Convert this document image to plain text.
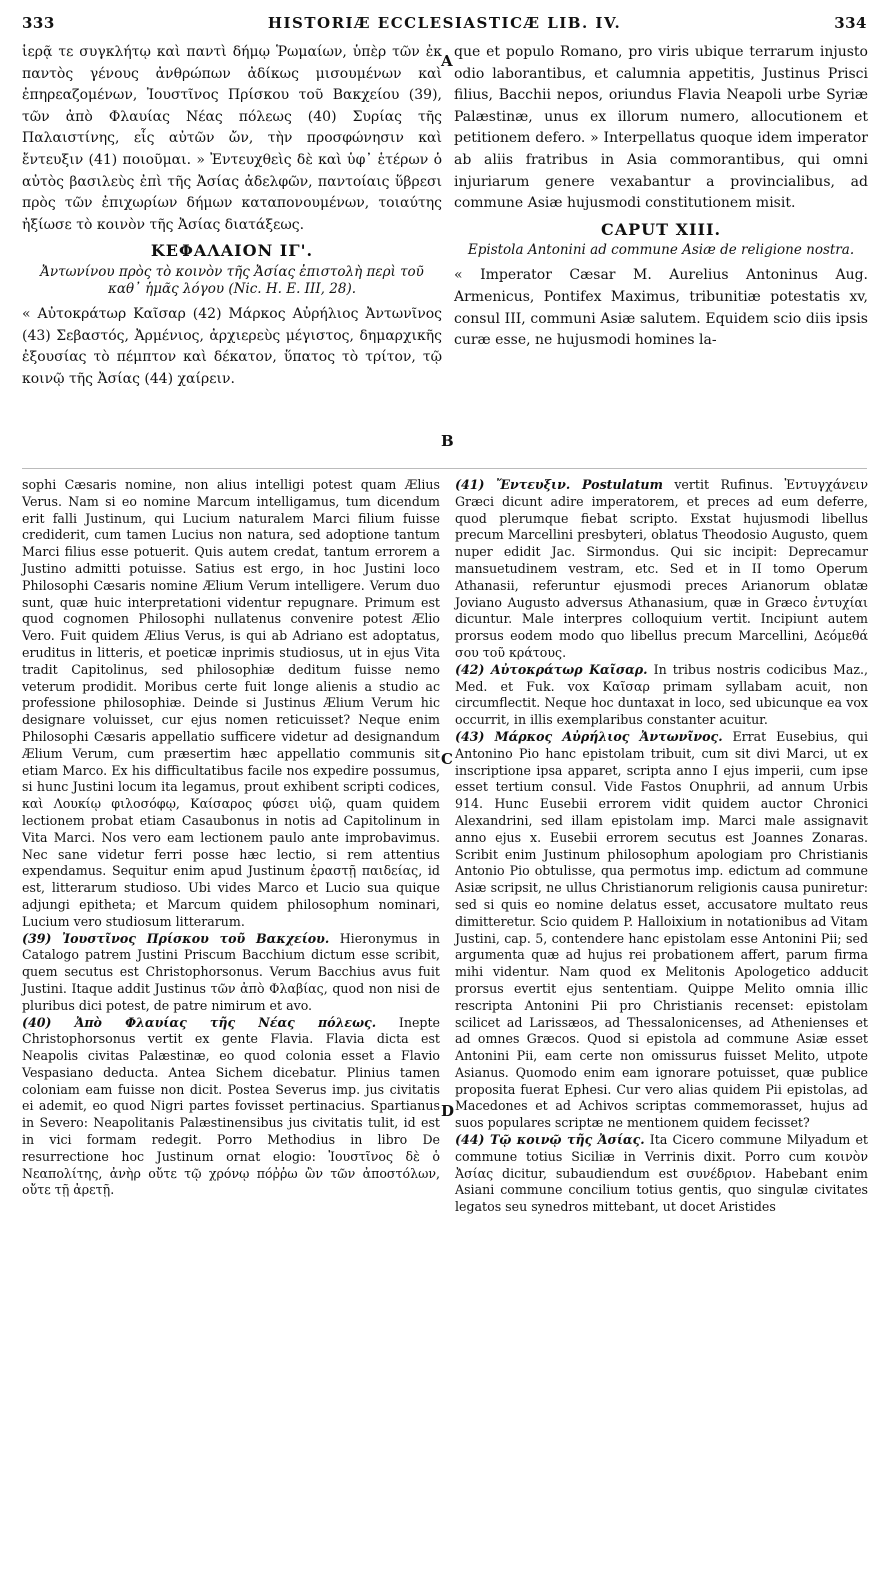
333	HISTORIÆ ECCLESIASTICÆ LIB. IV.	334

ἱερᾷ τε συγκλήτῳ καὶ παντὶ δήμῳ Ῥωμαίων, ὑπὲρ τῶν ἐκ παντὸς γένους ἀνθρώπων ἀδίκως μισουμένων καὶ ἐπηρεαζομένων, Ἰουστῖνος Πρίσκου τοῦ Βακχείου (39), τῶν ἀπὸ Φλαυίας Νέας πόλεως (40) Συρίας τῆς Παλαιστίνης, εἷς αὐτῶν ὤν, τὴν προσφώνησιν καὶ ἔντευξιν (41) ποιοῦμαι. » Ἐντευχθεὶς δὲ καὶ ὑφ᾽ ἑτέρων ὁ αὐτὸς βασιλεὺς ἐπὶ τῆς Ἀσίας ἀδελφῶν, παντοίαις ὕβρεσι πρὸς τῶν ἐπιχωρίων δήμων καταπονουμένων, τοιαύτης ἠξίωσε τὸ κοινὸν τῆς Ἀσίας διατάξεως.

ΚΕΦΑΛΑΙΟΝ ΙΓ'.
Ἀντωνίνου πρὸς τὸ κοινὸν τῆς Ἀσίας ἐπιστολὴ περὶ τοῦ καθ᾽ ἡμᾶς λόγου (Nic. H. E. III, 28).

« Αὐτοκράτωρ Καῖσαρ (42) Μάρκος Αὐρήλιος Ἀντωνῖνος (43) Σεβαστός, Ἀρμένιος, ἀρχιερεὺς μέγιστος, δημαρχικῆς ἐξουσίας τὸ πέμπτον καὶ δέκατον, ὕπατος τὸ τρίτον, τῷ κοινῷ τῆς Ἀσίας (44) χαίρειν.

que et populo Romano, pro viris ubique terrarum injusto odio laborantibus, et calumnia appetitis, Justinus Prisci filius, Bacchii nepos, oriundus Flavia Neapoli urbe Syriæ Palæstinæ, unus ex illorum numero, allocutionem et petitionem defero. » Interpellatus quoque idem imperator ab aliis fratribus in Asia commorantibus, qui omni injuriarum genere vexabantur a provincialibus, ad commune Asiæ hujusmodi constitutionem misit.

CAPUT XIII.
Epistola Antonini ad commune Asiæ de religione nostra.

« Imperator Cæsar M. Aurelius Antoninus Aug. Armenicus, Pontifex Maximus, tribunitiæ potestatis xv, consul III, communi Asiæ salutem. Equidem scio diis ipsis curæ esse, ne hujusmodi homines la-

A
B
C
D

sophi Cæsaris nomine, non alius intelligi potest quam Ælius Verus. Nam si eo nomine Marcum intelligamus, tum dicendum erit falli Justinum, qui Lucium naturalem Marci filium fuisse crediderit, cum tamen Lucius non natura, sed adoptione tantum Marci filius esse potuerit. Quis autem credat, tantum errorem a Justino admitti potuisse. Satius est ergo, in hoc Justini loco Philosophi Cæsaris nomine Ælium Verum intelligere. Verum duo sunt, quæ huic interpretationi videntur repugnare. Primum est quod cognomen Philosophi nullatenus convenire potest Ælio Vero. Fuit quidem Ælius Verus, is qui ab Adriano est adoptatus, eruditus in litteris, et poeticæ inprimis studiosus, ut in ejus Vita tradit Capitolinus, sed philosophiæ deditum fuisse nemo veterum prodidit. Moribus certe fuit longe alienis a studio ac professione philosophiæ. Deinde si Justinus Ælium Verum hic designare voluisset, cur ejus nomen reticuisset? Neque enim Philosophi Cæsaris appellatio sufficere videtur ad designandum Ælium Verum, cum præsertim hæc appellatio communis sit etiam Marco. Ex his difficultatibus facile nos expedire possumus, si hunc Justini locum ita legamus, prout exhibent scripti codices, καὶ Λουκίῳ φιλοσόφῳ, Καίσαρος φύσει υἱῷ, quam quidem lectionem probat etiam Casaubonus in notis ad Capitolinum in Vita Marci. Nos vero eam lectionem paulo ante improbavimus. Nec sane videtur ferri posse hæc lectio, si rem attentius expendamus. Sequitur enim apud Justinum ἐραστῇ παιδείας, id est, litterarum studioso. Ubi vides Marco et Lucio sua quique adjungi epitheta; et Marcum quidem philosophum nominari, Lucium vero studiosum litterarum.

(39) Ἰουστῖνος Πρίσκου τοῦ Βακχείου. Hieronymus in Catalogo patrem Justini Priscum Bacchium dictum esse scribit, quem secutus est Christophorsonus. Verum Bacchius avus fuit Justini. Itaque addit Justinus τῶν ἀπὸ Φλαβίας, quod non nisi de pluribus dici potest, de patre nimirum et avo.

(40) Ἀπὸ Φλαυίας τῆς Νέας πόλεως. Inepte Christophorsonus vertit ex gente Flavia. Flavia dicta est Neapolis civitas Palæstinæ, eo quod colonia esset a Flavio Vespasiano deducta. Antea Sichem dicebatur. Plinius tamen coloniam eam fuisse non dicit. Postea Severus imp. jus civitatis ei ademit, eo quod Nigri partes fovisset pertinacius. Spartianus in Severo: Neapolitanis Palæstinensibus jus civitatis tulit, id est in vici formam redegit. Porro Methodius in libro De resurrectione hoc Justinum ornat elogio: Ἰουστῖνος δὲ ὁ Νεαπολίτης, ἀνὴρ οὔτε τῷ χρόνῳ πόῤῥω ὢν τῶν ἀποστόλων, οὔτε τῇ ἀρετῇ.

(41) Ἔντευξιν. Postulatum vertit Rufinus. Ἐντυγχάνειν Græci dicunt adire imperatorem, et preces ad eum deferre, quod plerumque fiebat scripto. Exstat hujusmodi libellus precum Marcellini presbyteri, oblatus Theodosio Augusto, quem nuper edidit Jac. Sirmondus. Qui sic incipit: Deprecamur mansuetudinem vestram, etc. Sed et in II tomo Operum Athanasii, referuntur ejusmodi preces Arianorum oblatæ Joviano Augusto adversus Athanasium, quæ in Græco ἐντυχίαι dicuntur. Male interpres colloquium vertit. Incipiunt autem prorsus eodem modo quo libellus precum Marcellini, Δεόμεθά σου τοῦ κράτους.

(42) Αὐτοκράτωρ Καῖσαρ. In tribus nostris codicibus Maz., Med. et Fuk. vox Καῖσαρ primam syllabam acuit, non circumflectit. Neque hoc duntaxat in loco, sed ubicunque ea vox occurrit, in illis exemplaribus constanter acuitur.

(43) Μάρκος Αὐρήλιος Ἀντωνῖνος. Errat Eusebius, qui Antonino Pio hanc epistolam tribuit, cum sit divi Marci, ut ex inscriptione ipsa apparet, scripta anno I ejus imperii, cum ipse esset tertium consul. Vide Fastos Onuphrii, ad annum Urbis 914. Hunc Eusebii errorem vidit quidem auctor Chronici Alexandrini, sed illam epistolam imp. Marci male assignavit anno ejus x. Eusebii errorem secutus est Joannes Zonaras. Scribit enim Justinum philosophum apologiam pro Christianis Antonio Pio obtulisse, qua permotus imp. edictum ad commune Asiæ scripsit, ne ullus Christianorum religionis causa puniretur: sed si quis eo nomine delatus esset, accusatore multato reus dimitteretur. Scio quidem P. Halloixium in notationibus ad Vitam Justini, cap. 5, contendere hanc epistolam esse Antonini Pii; sed argumenta quæ ad hujus rei probationem affert, parum firma mihi videntur. Nam quod ex Melitonis Apologetico adducit prorsus evertit ejus sententiam. Quippe Melito omnia illic rescripta Antonini Pii pro Christianis recenset: epistolam scilicet ad Larissæos, ad Thessalonicenses, ad Athenienses et ad omnes Græcos. Quod si epistola ad commune Asiæ esset Antonini Pii, eam certe non omissurus fuisset Melito, utpote Asianus. Quomodo enim eam ignorare potuisset, quæ publice proposita fuerat Ephesi. Cur vero alias quidem Pii epistolas, ad Macedones et ad Achivos scriptas commemorasset, hujus ad suos populares scriptæ ne mentionem quidem fecisset?

(44) Τῷ κοινῷ τῆς Ἀσίας. Ita Cicero commune Milyadum et commune totius Siciliæ in Verrinis dixit. Porro cum κοινὸν Ἀσίας dicitur, subaudiendum est συνέδριον. Habebant enim Asiani commune concilium totius gentis, quo singulæ civitates legatos seu synedros mittebant, ut docet Aristides
